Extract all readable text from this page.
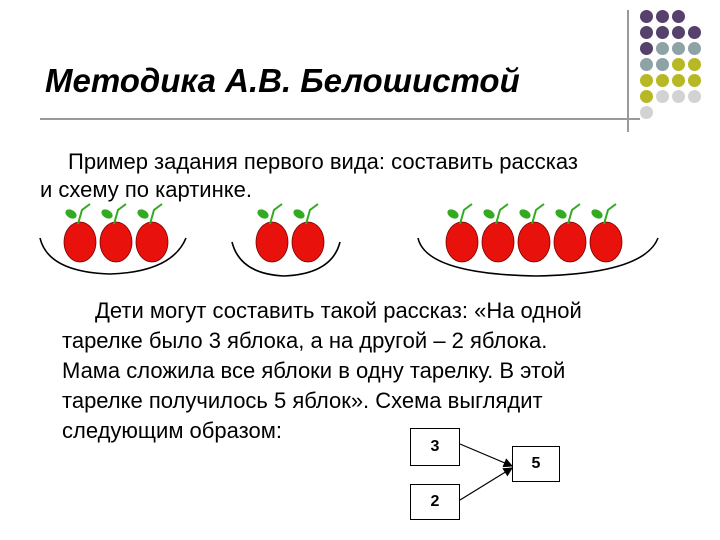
Методика А.В. Белошистой
Пример задания первого вида: составить рассказ
и схему по картинке.
Дети могут составить такой рассказ: «На одной
тарелке было 3 яблока, а на другой – 2 яблока.
Мама сложила все яблоки в одну тарелку. В этой
тарелке получилось 5 яблок». Схема выглядит
следующим образом:
3
5
2
